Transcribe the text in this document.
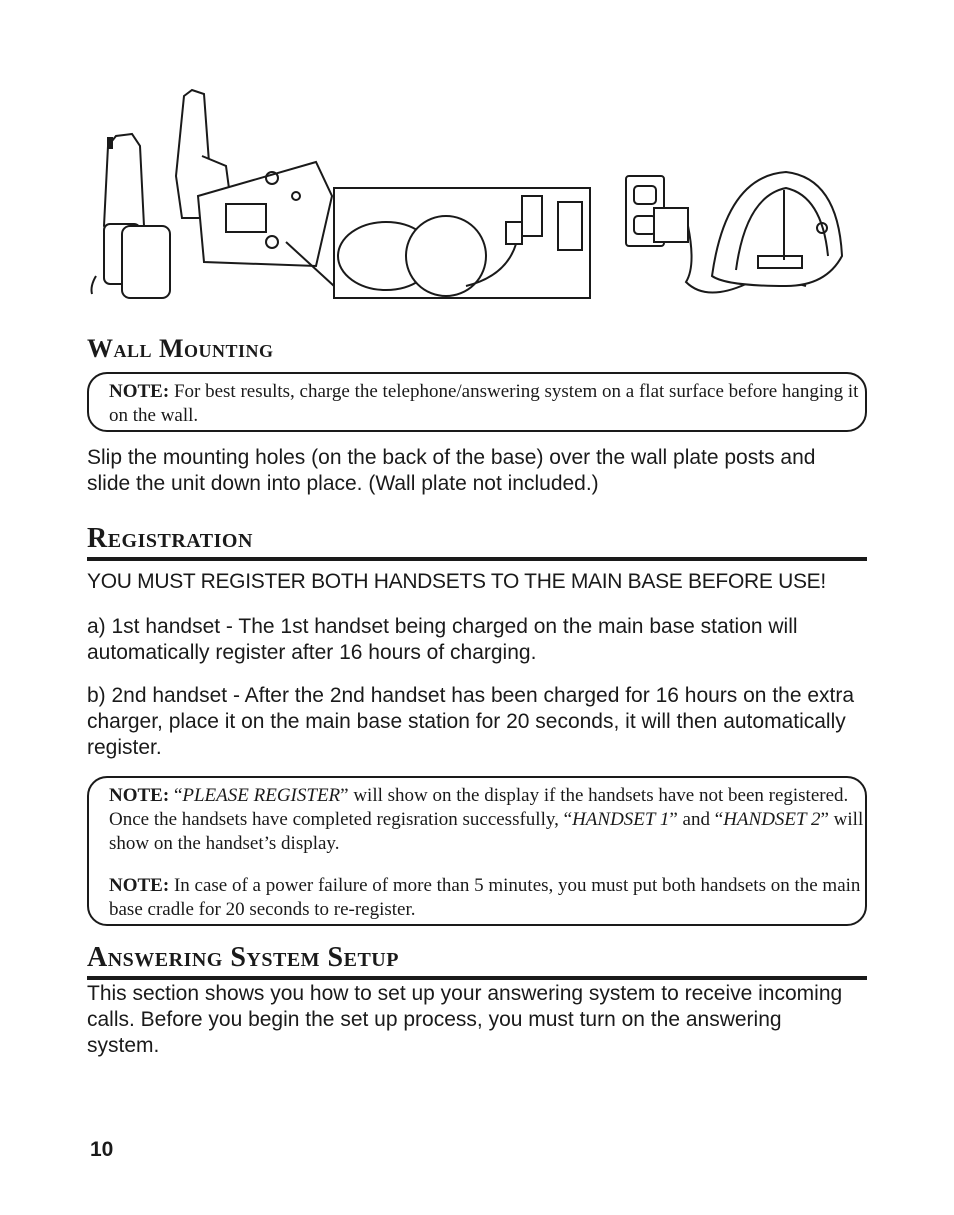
Wall Mounting

NOTE: For best results, charge the telephone/answering system on a flat surface before hanging it on the wall.

Slip the mounting holes (on the back of the base) over the wall plate posts and slide the unit down into place. (Wall plate not included.)

Registration

YOU MUST REGISTER BOTH HANDSETS TO THE MAIN BASE BEFORE USE!

a) 1st handset - The 1st handset being charged on the main base station will automatically register after 16 hours of charging.

b) 2nd handset - After the 2nd handset has been charged for 16 hours on the extra charger, place it on the main base station for 20 seconds, it will then automatically register.

NOTE: “PLEASE REGISTER” will show on the display if the handsets have not been registered. Once the handsets have completed regisration successfully, “HANDSET 1” and “HANDSET 2” will show on the handset’s display.

NOTE: In case of a power failure of more than 5 minutes, you must put both handsets on the main base cradle for 20 seconds to re-register.

Answering System Setup

This section shows you how to set up your answering system to receive incoming calls. Before you begin the set up process, you must turn on the answering system.

10
